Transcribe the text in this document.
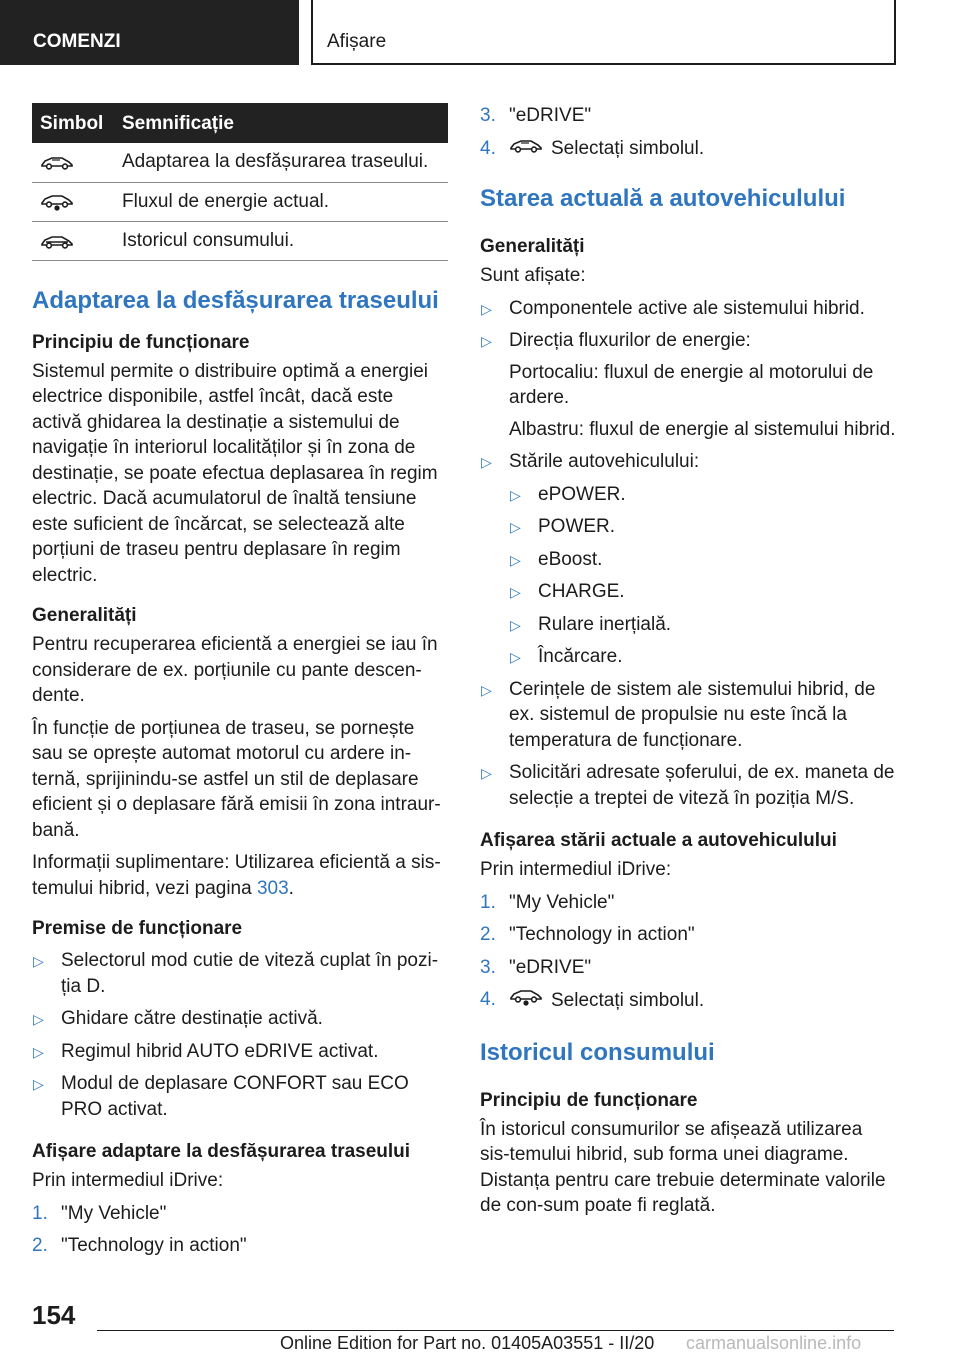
COMENZI	Afișare
Simbol	Semnificație

	Adaptarea la desfășurarea traseului.

	Fluxul de energie actual.

	Istoricul consumului.
Adaptarea la desfășurarea traseului
Principiu de funcționare

Sistemul permite o distribuire optimă a energiei electrice disponibile, astfel încât, dacă este activă ghidarea la destinație a sistemului de navigație în interiorul localităților și în zona de destinație, se poate efectua deplasarea în regim electric. Dacă acumulatorul de înaltă tensiune este suficient de încărcat, se selectează alte porțiuni de traseu pentru deplasare în regim electric.

Generalități

Pentru recuperarea eficientă a energiei se iau în considerare de ex. porțiunile cu pante descen-dente.

În funcție de porțiunea de traseu, se pornește sau se oprește automat motorul cu ardere in-ternă, sprijinindu-se astfel un stil de deplasare eficient și o deplasare fără emisii în zona intraur-bană.

Informații suplimentare: Utilizarea eficientă a sis-temului hibrid, vezi pagina 303.

Premise de funcționare
▷ Selectorul mod cutie de viteză cuplat în pozi-ția D.
▷ Ghidare către destinație activă.
▷ Regimul hibrid AUTO eDRIVE activat.
▷ Modul de deplasare CONFORT sau ECO PRO activat.
Afișare adaptare la desfășurarea traseului

Prin intermediul iDrive:

1. "My Vehicle"
2. "Technology in action"
3. "eDRIVE"
4.	Selectați simbolul.
Starea actuală a autovehiculului
Generalități

Sunt afișate:

▷ Componentele active ale sistemului hibrid.
▷ Direcția fluxurilor de energie:

Portocaliu: fluxul de energie al motorului de ardere.

Albastru: fluxul de energie al sistemului hibrid.

▷ Stările autovehiculului:
▷ ePOWER.
▷ POWER.
▷ eBoost.
▷ CHARGE.
▷ Rulare inerțială.
▷ Încărcare.
▷ Cerințele de sistem ale sistemului hibrid, de ex. sistemul de propulsie nu este încă la temperatura de funcționare.
▷ Solicitări adresate șoferului, de ex. maneta de selecție a treptei de viteză în poziția M/S.
Afișarea stării actuale a autovehiculului

Prin intermediul iDrive:

1. "My Vehicle"
2. "Technology in action"
3. "eDRIVE"
4.	Selectați simbolul.
Istoricul consumului
Principiu de funcționare

În istoricul consumurilor se afișează utilizarea sis-temului hibrid, sub forma unei diagrame. Distanța pentru care trebuie determinate valorile de con-sum poate fi reglată.

154
Online Edition for Part no. 01405A03551 - II/20 carmanualsonline.info
